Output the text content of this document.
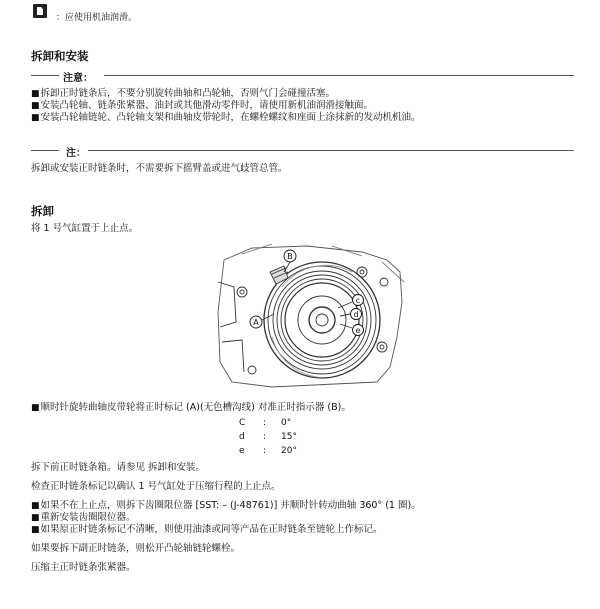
：应使用机油润滑。
拆卸和安装
注意：
■ 拆卸正时链条后，不要分别旋转曲轴和凸轮轴，否则气门会碰撞活塞。
■ 安装凸轮轴、链条张紧器、油封或其他滑动零件时，请使用新机油润滑接触面。
■ 安装凸轮轴链轮、凸轮轴支架和曲轴皮带轮时，在螺栓螺纹和座面上涂抹新的发动机机油。
注：
拆卸或安装正时链条时，不需要拆下摇臂盖或进气歧管总管。
拆卸
将 1 号气缸置于上止点。
B
A
c
d
e
■ 顺时针旋转曲轴皮带轮将正时标记 (A)(无色槽沟线) 对准正时指示器 (B)。
C : 0°
d : 15°
e : 20°
拆下前正时链条箱。请参见 拆卸和安装。
检查正时链条标记以确认 1 号气缸处于压缩行程的上止点。
■ 如果不在上止点，则拆下齿圈限位器 [SST: – (J-48761)] 并顺时针转动曲轴 360° (1 圈)。
■ 重新安装齿圈限位器。
■ 如果原正时链条标记不清晰，则使用油漆或同等产品在正时链条至链轮上作标记。
如果要拆下副正时链条，则松开凸轮轴链轮螺栓。
压缩主正时链条张紧器。
